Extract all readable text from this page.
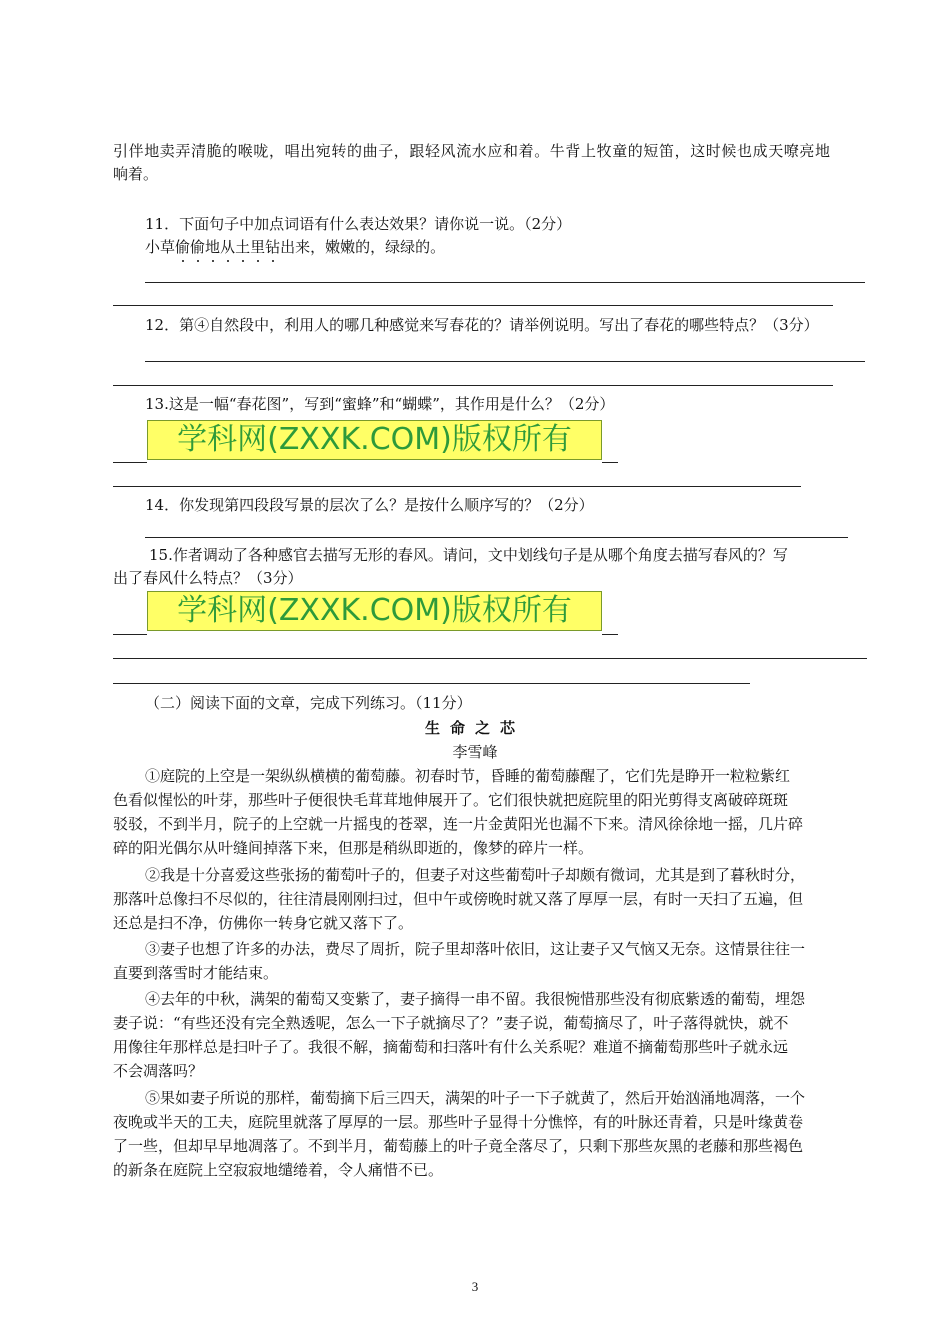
引伴地卖弄清脆的喉咙，唱出宛转的曲子，跟轻风流水应和着。牛背上牧童的短笛，这时候也成天嘹亮地
响着。
11．下面句子中加点词语有什么表达效果？请你说一说。（2分）
小草偷偷地从土里钻出来，嫩嫩的，绿绿的。
12．第④自然段中，利用人的哪几种感觉来写春花的？请举例说明。写出了春花的哪些特点？（3分）
13.这是一幅“春花图”，写到“蜜蜂”和“蝴蝶”，其作用是什么？（2分）
学科网(ZXXK.COM)版权所有
14．你发现第四段段写景的层次了么？是按什么顺序写的？（2分）
15.作者调动了各种感官去描写无形的春风。请问，文中划线句子是从哪个角度去描写春风的？写
出了春风什么特点？（3分）
学科网(ZXXK.COM)版权所有
（二）阅读下面的文章，完成下列练习。（11分）
生命之芯
李雪峰
①庭院的上空是一架纵纵横横的葡萄藤。初春时节，昏睡的葡萄藤醒了，它们先是睁开一粒粒紫红
色看似惺忪的叶芽，那些叶子便很快毛茸茸地伸展开了。它们很快就把庭院里的阳光剪得支离破碎斑斑
驳驳，不到半月，院子的上空就一片摇曳的苍翠，连一片金黄阳光也漏不下来。清风徐徐地一摇，几片碎
碎的阳光偶尔从叶缝间掉落下来，但那是稍纵即逝的，像梦的碎片一样。
②我是十分喜爱这些张扬的葡萄叶子的，但妻子对这些葡萄叶子却颇有微词，尤其是到了暮秋时分，
那落叶总像扫不尽似的，往往清晨刚刚扫过，但中午或傍晚时就又落了厚厚一层，有时一天扫了五遍，但
还总是扫不净，仿佛你一转身它就又落下了。
③妻子也想了许多的办法，费尽了周折，院子里却落叶依旧，这让妻子又气恼又无奈。这情景往往一
直要到落雪时才能结束。
④去年的中秋，满架的葡萄又变紫了，妻子摘得一串不留。我很惋惜那些没有彻底紫透的葡萄，埋怨
妻子说：“有些还没有完全熟透呢，怎么一下子就摘尽了？”妻子说，葡萄摘尽了，叶子落得就快，就不
用像往年那样总是扫叶子了。我很不解，摘葡萄和扫落叶有什么关系呢？难道不摘葡萄那些叶子就永远
不会凋落吗？
⑤果如妻子所说的那样，葡萄摘下后三四天，满架的叶子一下子就黄了，然后开始汹涌地凋落，一个
夜晚或半天的工夫，庭院里就落了厚厚的一层。那些叶子显得十分憔悴，有的叶脉还青着，只是叶缘黄卷
了一些，但却早早地凋落了。不到半月，葡萄藤上的叶子竟全落尽了，只剩下那些灰黑的老藤和那些褐色
的新条在庭院上空寂寂地缱绻着，令人痛惜不已。
3
